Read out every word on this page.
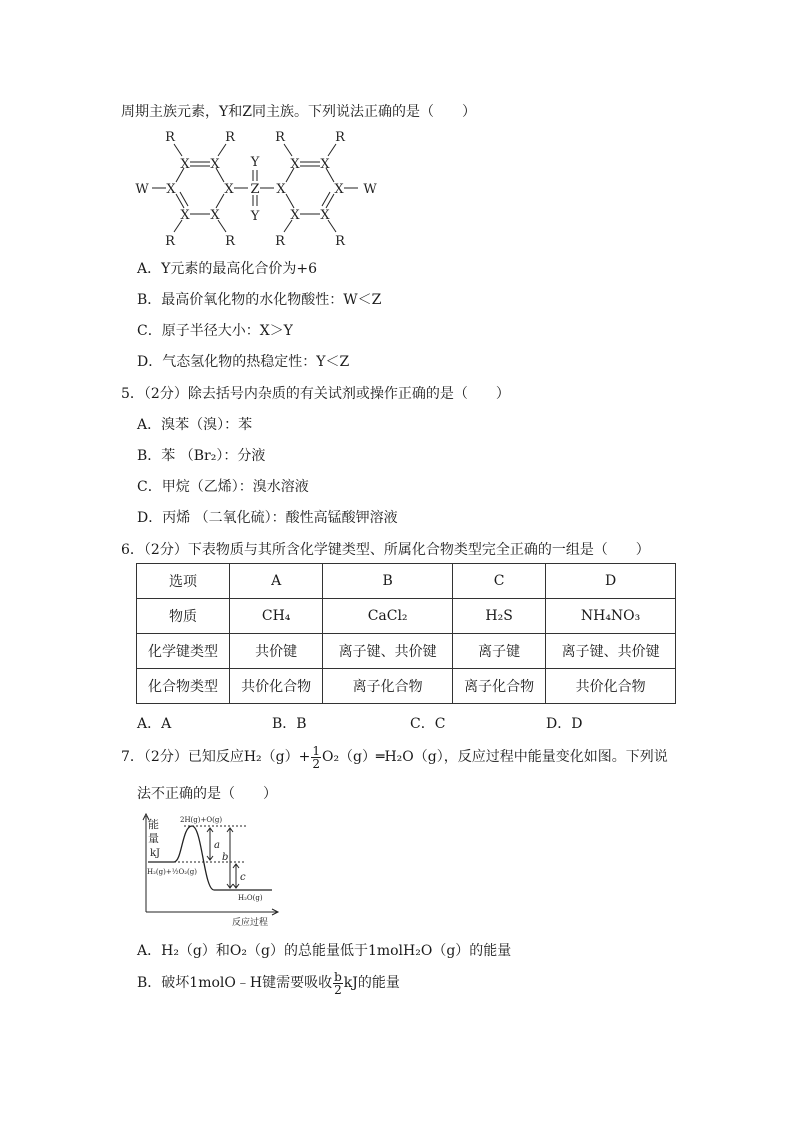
周期主族元素，Y和Z同主族。下列说法正确的是（　　）
R	R	R	R
X X
X	X
X X
W	Z
Y
Y
X X
X	X
X X
W
R	R	R	R
A．Y元素的最高化合价为+6
B．最高价氧化物的水化物酸性：W＜Z
C．原子半径大小：X＞Y
D．气态氢化物的热稳定性：Y＜Z
5．（2分）除去括号内杂质的有关试剂或操作正确的是（　　）
A．溴苯（溴）：苯
B．苯 （Br₂）：分液
C．甲烷（乙烯）：溴水溶液
D．丙烯 （二氧化硫）：酸性高锰酸钾溶液
6．（2分）下表物质与其所含化学键类型、所属化合物类型完全正确的一组是（　　）
选项	A	B	C	D
物质	CH₄	CaCl₂	H₂S	NH₄NO₃
化学键类型	共价键	离子键、共价键	离子键	离子键、共价键
化合物类型	共价化合物	离子化合物	离子化合物	共价化合物
A．A	B．B	C．C	D．D
7．（2分）已知反应$H_2(g)+ \frac{1}{2}$ O₂（g）═H₂O（g），反应过程中能量变化如图。下列说
法不正确的是（　　）
能
量
kJ
2H(g)+O(g)
H₂(g)+½O₂(g)
H₂O(g)
a
b
c
反应过程
A．H₂（g）和O₂（g）的总能量低于1molH₂O（g）的能量
B．破坏1molO﹣H键需要吸收 $\frac{b}{2}$ kJ的能量
